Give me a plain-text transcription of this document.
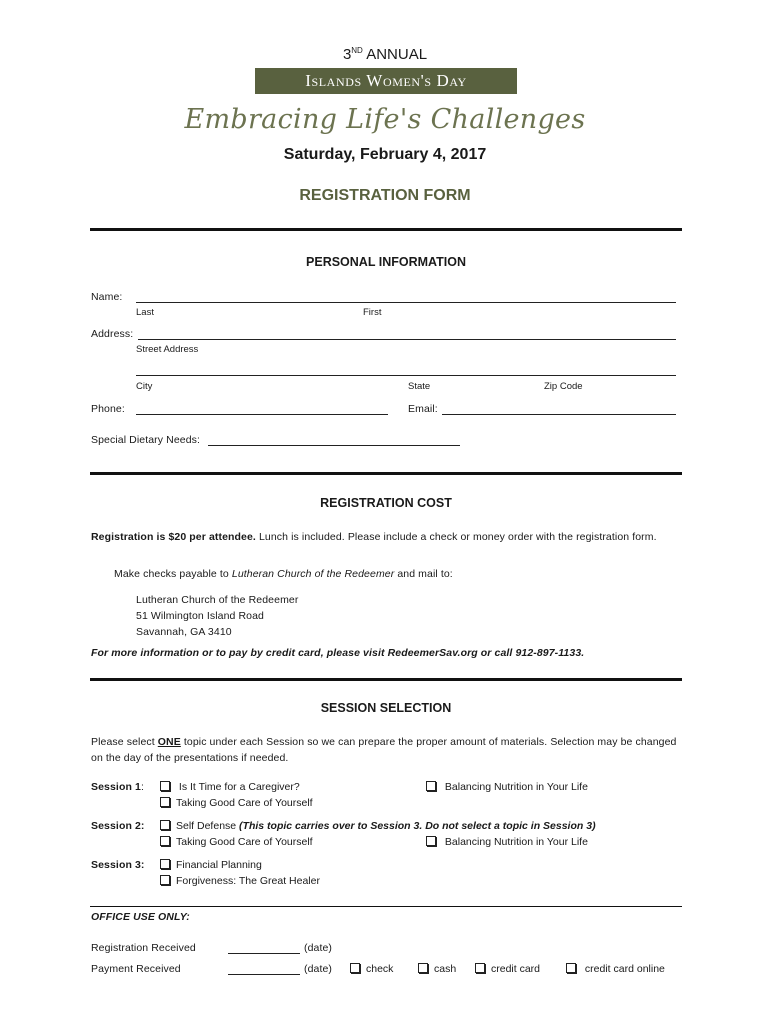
3ND ANNUAL
Islands Women's Day
Embracing Life's Challenges
Saturday, February 4, 2017
REGISTRATION FORM
PERSONAL INFORMATION
Name:
Last	First
Address:
Street Address
City	State	Zip Code
Phone:	Email:
Special Dietary Needs:
REGISTRATION COST
Registration is $20 per attendee. Lunch is included. Please include a check or money order with the registration form.
Make checks payable to Lutheran Church of the Redeemer and mail to:
Lutheran Church of the Redeemer
51 Wilmington Island Road
Savannah, GA 3410
For more information or to pay by credit card, please visit RedeemerSav.org or call 912-897-1133.
SESSION SELECTION
Please select ONE topic under each Session so we can prepare the proper amount of materials. Selection may be changed on the day of the presentations if needed.
Session 1:	Is It Time for a Caregiver?	Balancing Nutrition in Your Life
Taking Good Care of Yourself
Session 2:	Self Defense (This topic carries over to Session 3. Do not select a topic in Session 3)
Taking Good Care of Yourself	Balancing Nutrition in Your Life
Session 3:	Financial Planning
Forgiveness: The Great Healer
OFFICE USE ONLY:
Registration Received	(date)
Payment Received	(date)	check	cash	credit card	credit card online
